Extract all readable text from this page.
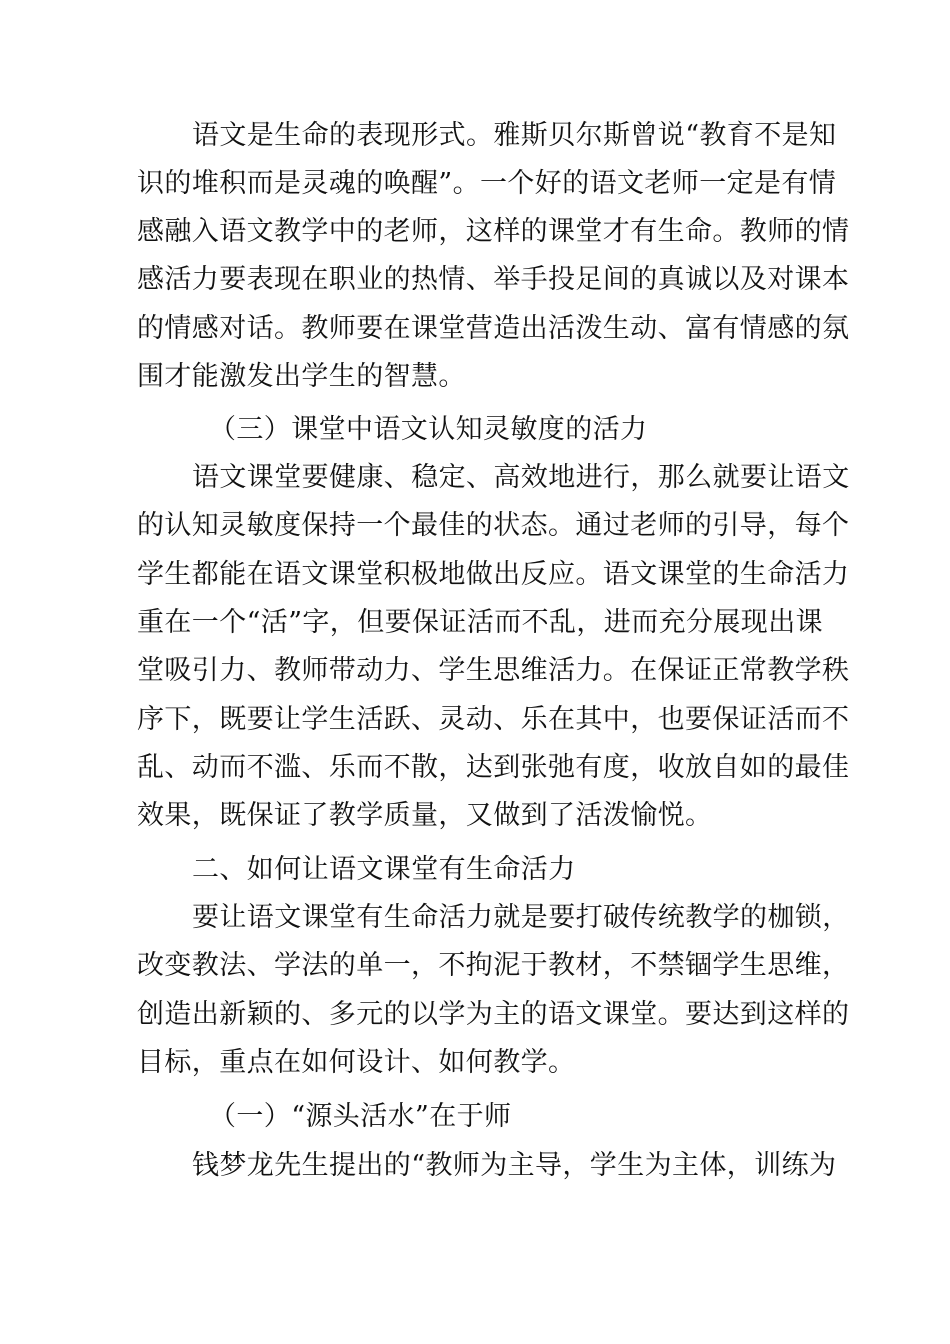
语文是生命的表现形式。雅斯贝尔斯曾说“教育不是知
识的堆积而是灵魂的唤醒”。一个好的语文老师一定是有情
感融入语文教学中的老师，这样的课堂才有生命。教师的情
感活力要表现在职业的热情、举手投足间的真诚以及对课本
的情感对话。教师要在课堂营造出活泼生动、富有情感的氛
围才能激发出学生的智慧。
（三）课堂中语文认知灵敏度的活力
语文课堂要健康、稳定、高效地进行，那么就要让语文
的认知灵敏度保持一个最佳的状态。通过老师的引导，每个
学生都能在语文课堂积极地做出反应。语文课堂的生命活力
重在一个“活”字，但要保证活而不乱，进而充分展现出课
堂吸引力、教师带动力、学生思维活力。在保证正常教学秩
序下，既要让学生活跃、灵动、乐在其中，也要保证活而不
乱、动而不滥、乐而不散，达到张弛有度，收放自如的最佳
效果，既保证了教学质量，又做到了活泼愉悦。
二、如何让语文课堂有生命活力
要让语文课堂有生命活力就是要打破传统教学的枷锁，
改变教法、学法的单一，不拘泥于教材，不禁锢学生思维，
创造出新颖的、多元的以学为主的语文课堂。要达到这样的
目标，重点在如何设计、如何教学。
（一）“源头活水”在于师
钱梦龙先生提出的“教师为主导，学生为主体，训练为
